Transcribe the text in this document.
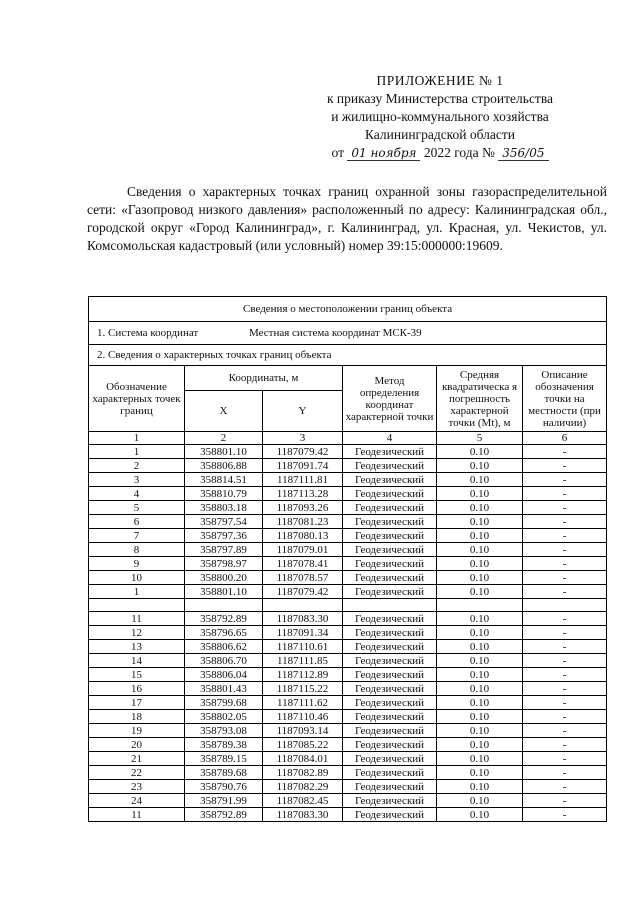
ПРИЛОЖЕНИЕ № 1
к приказу Министерства строительства
и жилищно-коммунального хозяйства
Калининградской области
от 01 ноября 2022 года № 356/05
Сведения о характерных точках границ охранной зоны газораспределительной сети: «Газопровод низкого давления» расположенный по адресу: Калининградская обл., городской округ «Город Калининград», г. Калининград, ул. Красная, ул. Чекистов, ул. Комсомольская кадастровый (или условный) номер 39:15:000000:19609.
Сведения о местоположении границ объекта					
1. Система координат Местная система координат МСК-39					
2. Сведения о характерных точках границ объекта					
Обозначение характерных точек границ	Координаты, м		Метод определения координат характерной точки	Средняя квадратическа я погрешность характерной точки (Mt), м	Описание обозначения точки на местности (при наличии)
	X	Y			
1	2	3	4	5	6
1	358801.10	1187079.42	Геодезический	0.10	-
2	358806.88	1187091.74	Геодезический	0.10	-
3	358814.51	1187111.81	Геодезический	0.10	-
4	358810.79	1187113.28	Геодезический	0.10	-
5	358803.18	1187093.26	Геодезический	0.10	-
6	358797.54	1187081.23	Геодезический	0.10	-
7	358797.36	1187080.13	Геодезический	0.10	-
8	358797.89	1187079.01	Геодезический	0.10	-
9	358798.97	1187078.41	Геодезический	0.10	-
10	358800.20	1187078.57	Геодезический	0.10	-
1	358801.10	1187079.42	Геодезический	0.10	-

11	358792.89	1187083.30	Геодезический	0.10	-
12	358796.65	1187091.34	Геодезический	0.10	-
13	358806.62	1187110.61	Геодезический	0.10	-
14	358806.70	1187111.85	Геодезический	0.10	-
15	358806.04	1187112.89	Геодезический	0.10	-
16	358801.43	1187115.22	Геодезический	0.10	-
17	358799.68	1187111.62	Геодезический	0.10	-
18	358802.05	1187110.46	Геодезический	0.10	-
19	358793.08	1187093.14	Геодезический	0.10	-
20	358789.38	1187085.22	Геодезический	0.10	-
21	358789.15	1187084.01	Геодезический	0.10	-
22	358789.68	1187082.89	Геодезический	0.10	-
23	358790.76	1187082.29	Геодезический	0.10	-
24	358791.99	1187082.45	Геодезический	0.10	-
11	358792.89	1187083.30	Геодезический	0.10	-
